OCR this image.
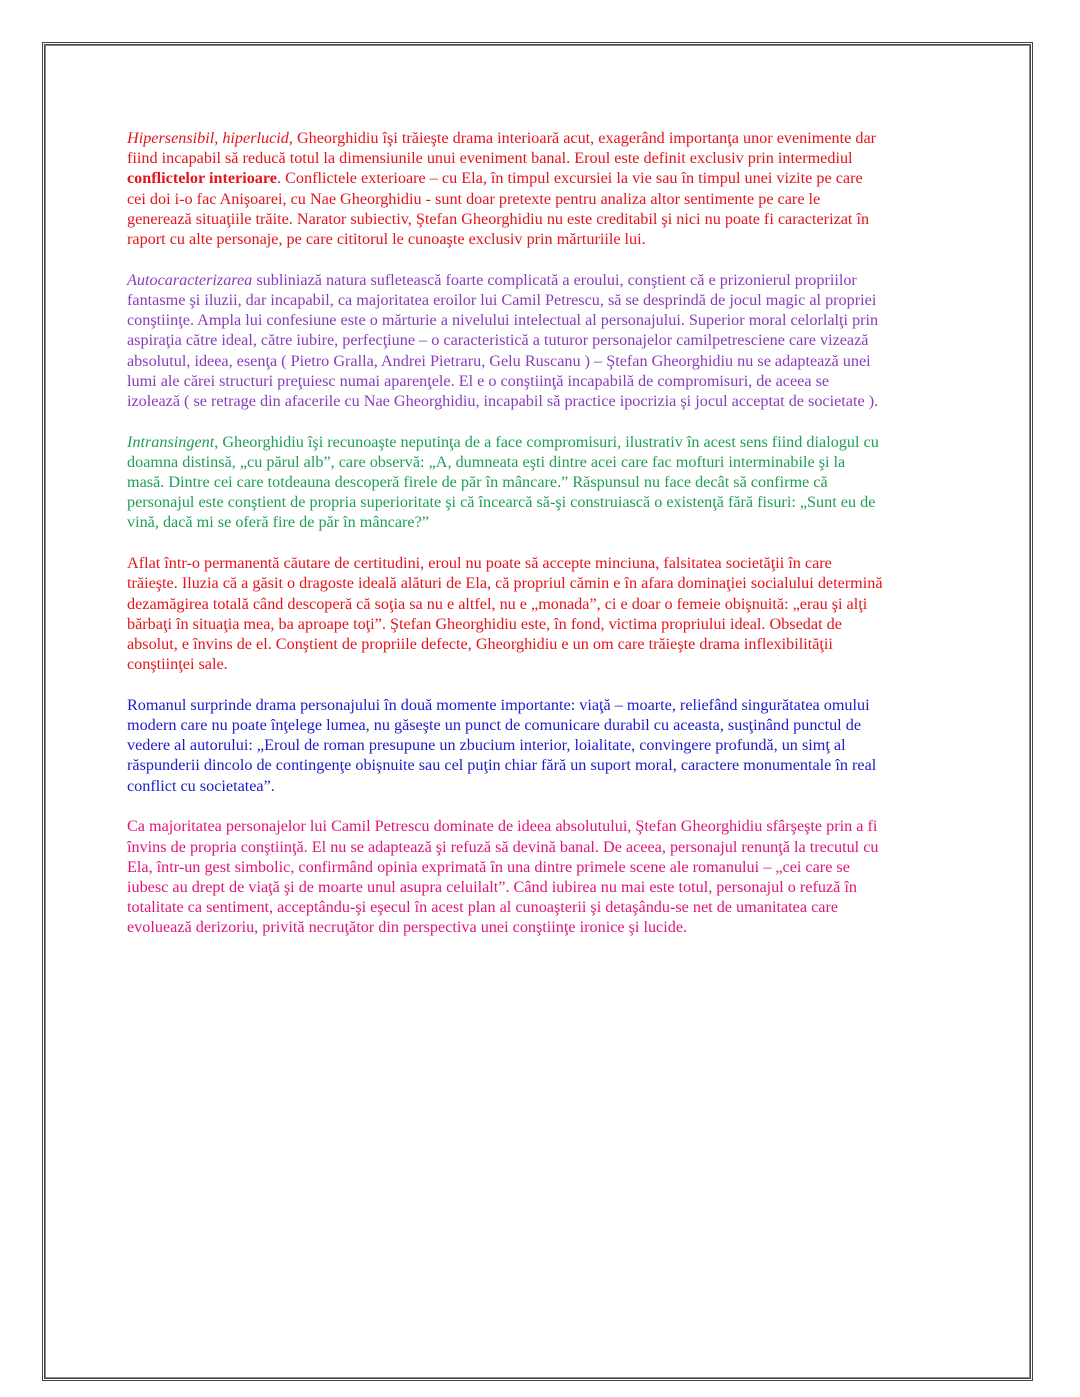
Hipersensibil, hiperlucid, Gheorghidiu îşi trăieşte drama interioară acut, exagerând importanţa unor evenimente dar
fiind incapabil să reducă totul la dimensiunile unui eveniment banal. Eroul este definit exclusiv prin intermediul
conflictelor interioare. Conflictele exterioare – cu Ela, în timpul excursiei la vie sau în timpul unei vizite pe care
cei doi i-o fac Anişoarei, cu Nae Gheorghidiu - sunt doar pretexte pentru analiza altor sentimente pe care le
generează situaţiile trăite. Narator subiectiv, Ştefan Gheorghidiu nu este creditabil şi nici nu poate fi caracterizat în
raport cu alte personaje, pe care cititorul le cunoaşte exclusiv prin mărturiile lui.

Autocaracterizarea subliniază natura sufletească foarte complicată a eroului, conştient că e prizonierul propriilor
fantasme şi iluzii, dar incapabil, ca majoritatea eroilor lui Camil Petrescu, să se desprindă de jocul magic al propriei
conştiinţe. Ampla lui confesiune este o mărturie a nivelului intelectual al personajului. Superior moral celorlalţi prin
aspiraţia către ideal, către iubire, perfecţiune – o caracteristică a tuturor personajelor camilpetresciene care vizează
absolutul, ideea, esenţa ( Pietro Gralla, Andrei Pietraru, Gelu Ruscanu ) – Ştefan Gheorghidiu nu se adaptează unei
lumi ale cărei structuri preţuiesc numai aparenţele. El e o conştiinţă incapabilă de compromisuri, de aceea se
izolează ( se retrage din afacerile cu Nae Gheorghidiu, incapabil să practice ipocrizia şi jocul acceptat de societate ).

Intransingent, Gheorghidiu îşi recunoaşte neputinţa de a face compromisuri, ilustrativ în acest sens fiind dialogul cu
doamna distinsă, „cu părul alb”, care observă: „A, dumneata eşti dintre acei care fac mofturi interminabile şi la
masă. Dintre cei care totdeauna descoperă firele de păr în mâncare.” Răspunsul nu face decât să confirme că
personajul este conştient de propria superioritate şi că încearcă să-şi construiască o existenţă fără fisuri: „Sunt eu de
vină, dacă mi se oferă fire de păr în mâncare?”

Aflat într-o permanentă căutare de certitudini, eroul nu poate să accepte minciuna, falsitatea societăţii în care
trăieşte. Iluzia că a găsit o dragoste ideală alături de Ela, că propriul cămin e în afara dominaţiei socialului determină
dezamăgirea totală când descoperă că soţia sa nu e altfel, nu e „monada”, ci e doar o femeie obişnuită: „erau şi alţi
bărbaţi în situaţia mea, ba aproape toţi”. Ştefan Gheorghidiu este, în fond, victima propriului ideal. Obsedat de
absolut, e învins de el. Conştient de propriile defecte, Gheorghidiu e un om care trăieşte drama inflexibilităţii
conştiinţei sale.

Romanul surprinde drama personajului în două momente importante: viaţă – moarte, reliefând singurătatea omului
modern care nu poate înţelege lumea, nu găseşte un punct de comunicare durabil cu aceasta, susţinând punctul de
vedere al autorului: „Eroul de roman presupune un zbucium interior, loialitate, convingere profundă, un simţ al
răspunderii dincolo de contingenţe obişnuite sau cel puţin chiar fără un suport moral, caractere monumentale în real
conflict cu societatea”.

Ca majoritatea personajelor lui Camil Petrescu dominate de ideea absolutului, Ştefan Gheorghidiu sfârşeşte prin a fi
învins de propria conştiinţă. El nu se adaptează şi refuză să devină banal. De aceea, personajul renunţă la trecutul cu
Ela, într-un gest simbolic, confirmând opinia exprimată în una dintre primele scene ale romanului – „cei care se
iubesc au drept de viaţă şi de moarte unul asupra celuilalt”. Când iubirea nu mai este totul, personajul o refuză în
totalitate ca sentiment, acceptându-şi eşecul în acest plan al cunoaşterii şi detaşându-se net de umanitatea care
evoluează derizoriu, privită necruţător din perspectiva unei conştiinţe ironice şi lucide.
